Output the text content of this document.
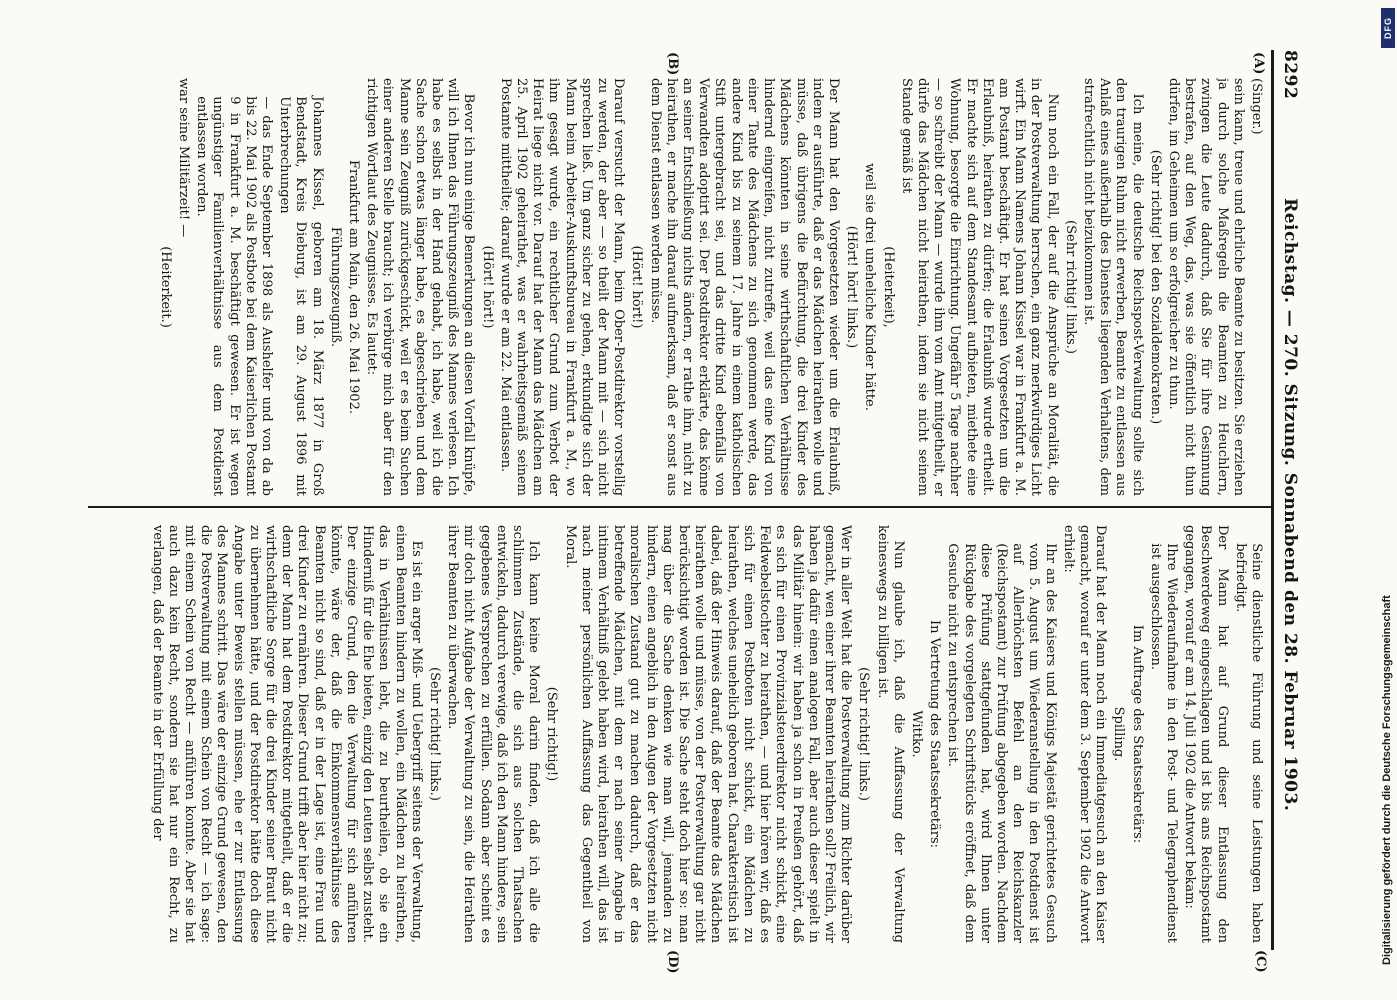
8292
Reichstag. — 270. Sitzung. Sonnabend den 28. Februar 1903.
(A)
(B)
(C)
(D)

(Singer.)

sein kann, treue und ehrliche Beamte zu besitzen. Sie erziehen ja durch solche Maßregeln die Beamten zu Heuchlern, zwingen die Leute dadurch, daß Sie für ihre Gesinnung bestrafen, auf den Weg, das, was sie öffentlich nicht thun dürfen, im Geheimen um so erfolgreicher zu thun.

(Sehr richtig! bei den Sozialdemokraten.)

Ich meine, die deutsche Reichspost-Verwaltung sollte sich den traurigen Ruhm nicht erwerben, Beamte zu entlassen aus Anlaß eines außerhalb des Dienstes liegenden Verhaltens, dem strafrechtlich nicht beizukommen ist.

(Sehr richtig! links.)

Nun noch ein Fall, der auf die Ansprüche an Moralität, die in der Postverwaltung herrschen, ein ganz merkwürdiges Licht wirft. Ein Mann Namens Johann Kissel war in Frankfurt a. M. am Postamt beschäftigt. Er hat seinen Vorgesetzten um die Erlaubniß, heirathen zu dürfen; die Erlaubniß wurde ertheilt. Er machte sich auf dem Standesamt aufbieten, miethete eine Wohnung, besorgte die Einrichtung. Ungefähr 5 Tage nachher — so schreibt der Mann — wurde ihm vom Amt mitgetheilt, er dürfe das Mädchen nicht heirathen, indem sie nicht seinem Stande gemäß ist

(Heiterkeit),

weil sie drei uneheliche Kinder hätte.

(Hört! hört! links.)

Der Mann hat den Vorgesetzten wieder um die Erlaubniß, indem er ausführte, daß er das Mädchen heirathen wolle und müsse, daß übrigens die Befürchtung, die drei Kinder des Mädchens könnten in seine wirthschaftlichen Verhältnisse hindernd eingreifen, nicht zutreffe, weil das eine Kind von einer Tante des Mädchens zu sich genommen werde, das andere Kind bis zu seinem 17. Jahre in einem katholischen Stift untergebracht sei, und das dritte Kind ebenfalls von Verwandten adoptirt sei. Der Postdirektor erklärte, das könne an seiner Entschließung nichts ändern, er rathe ihm, nicht zu heirathen, er mache ihn darauf aufmerksam, daß er sonst aus dem Dienst entlassen werden müsse.

(Hört! hört!)

Darauf versucht der Mann, beim Ober-Postdirektor vorstellig zu werden, der aber — so theilt der Mann mit — sich nicht sprechen ließ. Um ganz sicher zu gehen, erkundigte sich der Mann beim Arbeiter-Auskunftsbureau in Frankfurt a. M., wo ihm gesagt wurde, ein rechtlicher Grund zum Verbot der Heirat liege nicht vor. Darauf hat der Mann das Mädchen am 25. April 1902 geheirathet, was er wahrheitsgemäß seinem Postamte mittheilte; darauf wurde er am 22. Mai entlassen.

(Hört! hört!)

Bevor ich nun einige Bemerkungen an diesen Vorfall knüpfe, will ich Ihnen das Führungszeugniß des Mannes verlesen. Ich habe es selbst in der Hand gehabt, ich habe, weil ich die Sache schon etwas länger habe, es abgeschrieben und dem Manne sein Zeugniß zurückgeschickt, weil er es beim Suchen einer anderen Stelle braucht; ich verbürge mich aber für den richtigen Wortlaut des Zeugnisses. Es lautet:

Frankfurt am Main, den 26. Mai 1902.

Führungszeugniß.

Johannes Kissel, geboren am 18. März 1877 in Groß Bendstadt, Kreis Dieburg, ist am 29. August 1896 mit Unterbrechungen

— das Ende September 1898 als Aushelfer und von da ab bis 22. Mai 1902 als Postbote bei dem Kaiserlichen Postamt 9 in Frankfurt a. M. beschäftigt gewesen. Er ist wegen ungünstiger Familienverhältnisse aus dem Postdienst entlassen worden.

war seine Militärzeit! —

(Heiterkeit.)

Seine dienstliche Führung und seine Leistungen haben befriedigt.

Der Mann hat auf Grund dieser Entlassung den Beschwerdeweg eingeschlagen und ist bis ans Reichspostamt gegangen, worauf er am 14. Juli 1902 die Antwort bekam:

Ihre Wiederaufnahme in den Post- und Telegraphendienst ist ausgeschlossen.

Im Auftrage des Staatssekretärs:

Spilling.

Darauf hat der Mann noch ein Immediatgesuch an den Kaiser gemacht, worauf er unter dem 3. September 1902 die Antwort erhielt:

Ihr an des Kaisers und Königs Majestät gerichtetes Gesuch vom 5. August um Wiederanstellung in den Postdienst ist auf Allerhöchsten Befehl an den Reichskanzler (Reichspostamt) zur Prüfung abgegeben worden. Nachdem diese Prüfung stattgefunden hat, wird Ihnen unter Rückgabe des vorgelegten Schriftstücks eröffnet, daß dem Gesuche nicht zu entsprechen ist.

In Vertretung des Staatssekretärs:

Wittko.

Nun glaube ich, daß die Auffassung der Verwaltung keineswegs zu billigen ist.

(Sehr richtig! links.)

Wer in aller Welt hat die Postverwaltung zum Richter darüber gemacht, wen einer ihrer Beamten heirathen soll? Freilich, wir haben ja dafür einen analogen Fall, aber auch dieser spielt in das Militär hinein: wir haben ja schon in Preußen gehört, daß es sich für einen Provinzialsteuerdirektor nicht schickt, eine Feldwebelstochter zu heirathen, — und hier hören wir, daß es sich für einen Postboten nicht schickt, ein Mädchen zu heirathen, welches unehelich geboren hat. Charakteristisch ist dabei, daß der Hinweis darauf, daß der Beamte das Mädchen heirathen wolle und müsse, von der Postverwaltung gar nicht berücksichtigt worden ist. Die Sache steht doch hier so: man mag über die Sache denken wie man will, jemanden zu hindern, einen angeblich in den Augen der Vorgesetzten nicht moralischen Zustand gut zu machen dadurch, daß er das betreffende Mädchen, mit dem er nach seiner Angabe in intimem Verhältniß gelebt haben wird, heirathen will, das ist nach meiner persönlichen Auffassung das Gegentheil von Moral.

(Sehr richtig!)

Ich kann keine Moral darin finden, daß ich alle die schlimmen Zustände, die sich aus solchen Thatsachen entwickeln, dadurch verewige, daß ich den Mann hindere, sein gegebenes Versprechen zu erfüllen. Sodann aber scheint es mir doch nicht Aufgabe der Verwaltung zu sein, die Heirathen ihrer Beamten zu überwachen.

(Sehr richtig! links.)

Es ist ein arger Miß- und Uebergriff seitens der Verwaltung, einen Beamten hindern zu wollen, ein Mädchen zu heirathen, das in Verhältnissen lebt, die zu beurtheilen, ob sie ein Hinderniß für die Ehe bieten, einzig den Leuten selbst zusteht. Der einzige Grund, den die Verwaltung für sich anführen könnte, wäre der, daß die Einkommensverhältnisse des Beamten nicht so sind, daß er in der Lage ist, eine Frau und drei Kinder zu ernähren. Dieser Grund trifft aber hier nicht zu; denn der Mann hat dem Postdirektor mitgetheilt, daß er die wirthschaftliche Sorge für die drei Kinder seiner Braut nicht zu übernehmen hätte, und der Postdirektor hätte doch diese Angabe unter Beweis stellen müssen, ehe er zur Entlassung des Mannes schritt. Das wäre der einzige Grund gewesen, den die Postverwaltung mit einem Schein von Recht — ich sage: mit einem Schein von Recht — anführen konnte. Aber sie hat auch dazu kein Recht, sondern sie hat nur ein Recht, zu verlangen, daß der Beamte in der Erfüllung der

DFG
Digitalisierung gefördert durch die Deutsche Forschungsgemeinschaft
